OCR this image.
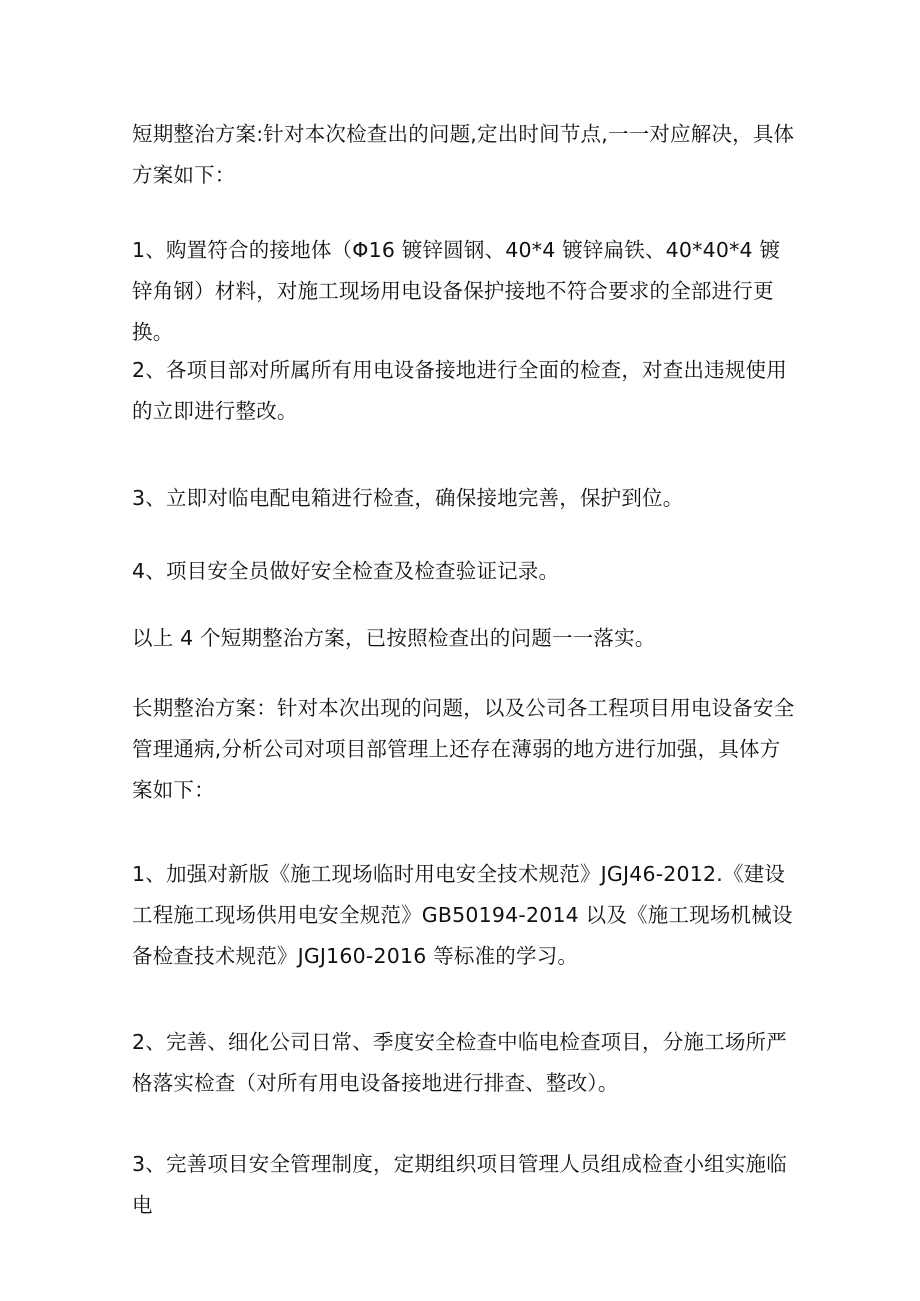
短期整治方案:针对本次检查出的问题,定出时间节点,一一对应解决，具体方案如下：

1、购置符合的接地体（Φ16 镀锌圆钢、40*4 镀锌扁铁、40*40*4 镀锌角钢）材料，对施工现场用电设备保护接地不符合要求的全部进行更换。

2、各项目部对所属所有用电设备接地进行全面的检查，对查出违规使用的立即进行整改。

3、立即对临电配电箱进行检查，确保接地完善，保护到位。

4、项目安全员做好安全检查及检查验证记录。

以上 4 个短期整治方案，已按照检查出的问题一一落实。

长期整治方案：针对本次出现的问题，以及公司各工程项目用电设备安全管理通病,分析公司对项目部管理上还存在薄弱的地方进行加强，具体方案如下：

1、加强对新版《施工现场临时用电安全技术规范》JGJ46-2012.《建设工程施工现场供用电安全规范》GB50194-2014 以及《施工现场机械设备检查技术规范》JGJ160-2016 等标准的学习。

2、完善、细化公司日常、季度安全检查中临电检查项目，分施工场所严格落实检查（对所有用电设备接地进行排查、整改）。

3、完善项目安全管理制度，定期组织项目管理人员组成检查小组实施临电
